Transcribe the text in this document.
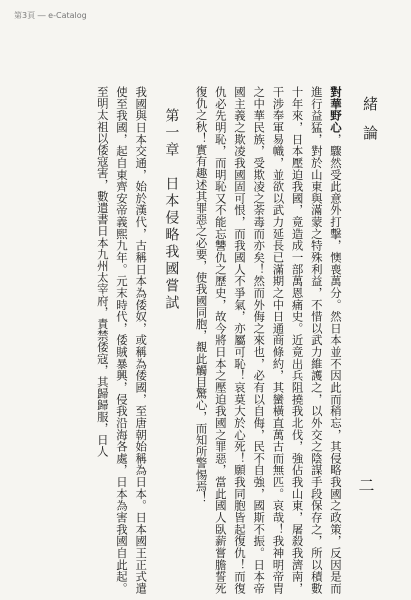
第3頁 ― e-Catalog
緒論
二

對華野心，驟然受此意外打擊，懊喪萬分。然日本並不因此而稍忘，其侵略我國之政策，反因是而進行益猛，對於山東與滿蒙之特殊利益，不惜以武力維護之，以外交之陰謀手段保存之，所以積數十年來，日本壓迫我國，竟造成一部萬恩痛史。近竟出兵阻撓我北伐，強佔我山東，屠殺我濟南，干涉奉軍易幟，並欲以武力延長已滿期之中日通商條約，其蠻橫直萬古而無匹。哀哉！我神明帝胄之中華民族，受欺凌之荼毒而亦矣！然而外侮之來也，必有以自侮，民不自強，國斯不振。日本帝國主義之欺凌我國固可恨，而我國人不爭氣，亦屬可恥！哀莫大於心死！願我同胞皆起復仇！而復仇必先明恥，而明恥又不能忘讐仇之歷史，故今將日本之壓迫我國之罪惡，當此國人臥薪嘗膽誓死復仇之秋！實有趣述其罪惡之必要，使我國同胞，覩此觸目驚心，而知所警惕焉！

第一章　日本侵略我國嘗試

我國與日本交通，始於漢代，古稱日本為倭奴，或稱為倭國，至唐朝始稱為日本。日本國王正式遣使至我國，起自東齊安帝義熙九年。元末時代，倭賊暴興，侵我沿海各處，日本為害我國自此起。至明太祖以倭寇害，數遣書日本九州太宰府，責禁倭寇，其歸歸服，日人
